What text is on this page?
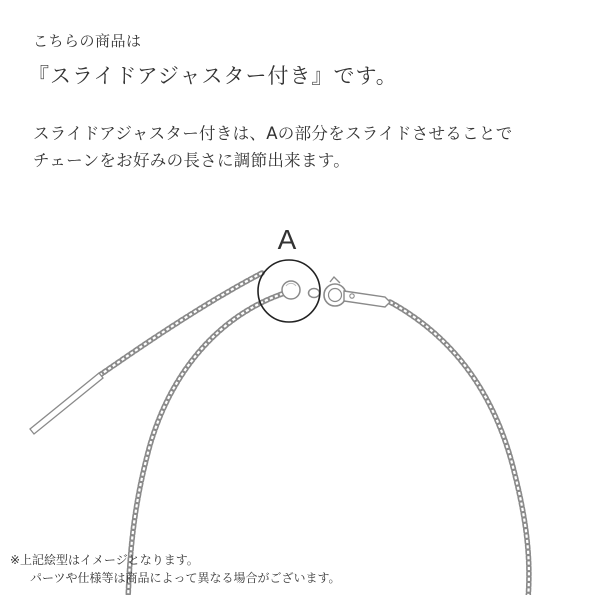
こちらの商品は
『スライドアジャスター付き』です。
スライドアジャスター付きは、Aの部分をスライドさせることで
チェーンをお好みの長さに調節出来ます。
A
※上記絵型はイメージとなります。
パーツや仕様等は商品によって異なる場合がございます。
